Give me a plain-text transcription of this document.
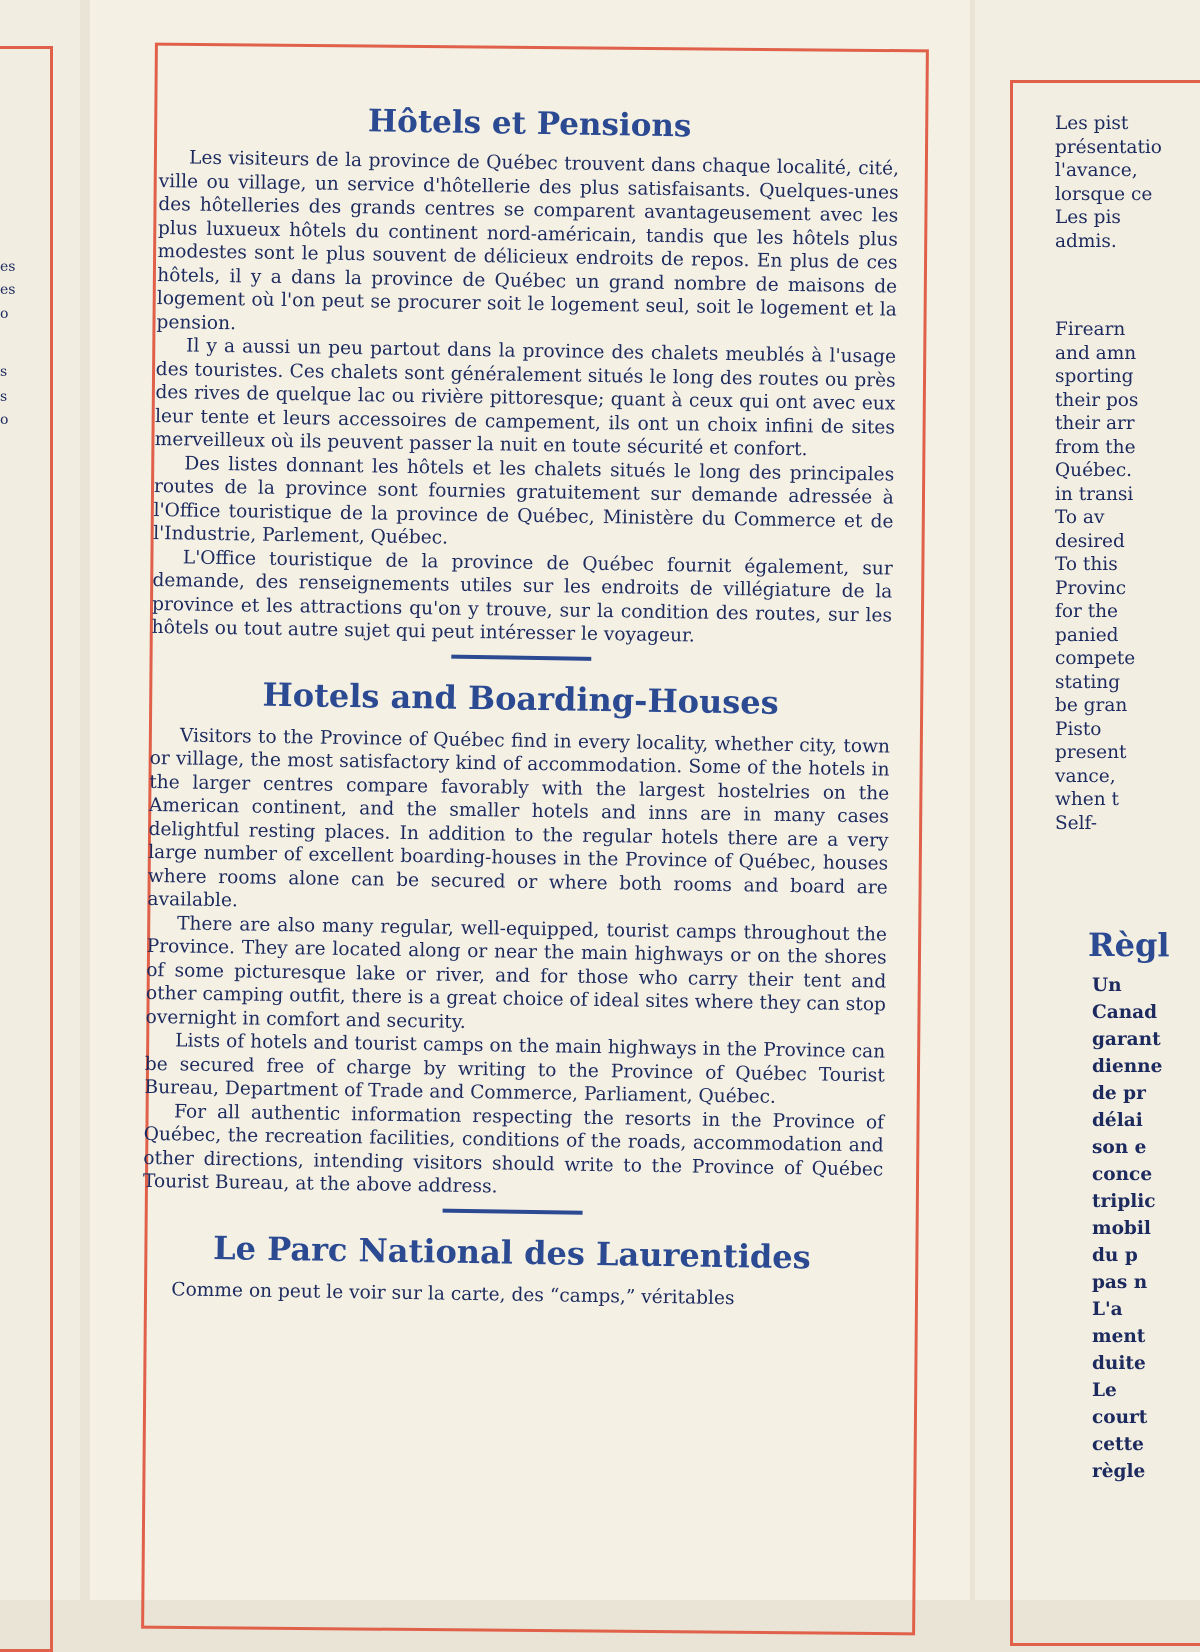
es
es
o
s
s
o
Hôtels et Pensions

Les visiteurs de la province de Québec trouvent dans chaque localité, cité, ville ou village, un service d'hôtellerie des plus satisfaisants. Quelques-unes des hôtelleries des grands centres se comparent avantageusement avec les plus luxueux hôtels du continent nord-américain, tandis que les hôtels plus modestes sont le plus souvent de délicieux endroits de repos. En plus de ces hôtels, il y a dans la province de Québec un grand nombre de maisons de logement où l'on peut se procurer soit le logement seul, soit le logement et la pension.

Il y a aussi un peu partout dans la province des chalets meublés à l'usage des touristes. Ces chalets sont généralement situés le long des routes ou près des rives de quelque lac ou rivière pittoresque; quant à ceux qui ont avec eux leur tente et leurs accessoires de campement, ils ont un choix infini de sites merveilleux où ils peuvent passer la nuit en toute sécurité et confort.

Des listes donnant les hôtels et les chalets situés le long des principales routes de la province sont fournies gratuitement sur demande adressée à l'Office touristique de la province de Québec, Ministère du Commerce et de l'Industrie, Parlement, Québec.

L'Office touristique de la province de Québec fournit également, sur demande, des renseignements utiles sur les endroits de villégiature de la province et les attractions qu'on y trouve, sur la condition des routes, sur les hôtels ou tout autre sujet qui peut intéresser le voyageur.

Hotels and Boarding-Houses

Visitors to the Province of Québec find in every locality, whether city, town or village, the most satisfactory kind of accommodation. Some of the hotels in the larger centres compare favorably with the largest hostelries on the American continent, and the smaller hotels and inns are in many cases delightful resting places. In addition to the regular hotels there are a very large number of excellent boarding-houses in the Province of Québec, houses where rooms alone can be secured or where both rooms and board are available.

There are also many regular, well-equipped, tourist camps throughout the Province. They are located along or near the main highways or on the shores of some picturesque lake or river, and for those who carry their tent and other camping outfit, there is a great choice of ideal sites where they can stop overnight in comfort and security.

Lists of hotels and tourist camps on the main highways in the Province can be secured free of charge by writing to the Province of Québec Tourist Bureau, Department of Trade and Commerce, Parliament, Québec.

For all authentic information respecting the resorts in the Province of Québec, the recreation facilities, conditions of the roads, accommodation and other directions, intending visitors should write to the Province of Québec Tourist Bureau, at the above address.

Le Parc National des Laurentides

Comme on peut le voir sur la carte, des “camps,” véritables

Les pist
présentatio
l'avance,
lorsque ce
Les pis
admis.
Firearn
and amn
sporting
their pos
their arr
from the
Québec.
in transi
To av
desired
To this
Provinc
for the
panied
compete
stating
be gran
Pisto
present
vance,
when t
Self-
Règl
Un
Canad
garant
dienne
de pr
délai
son e
conce
triplic
mobil
du p
pas n
L'a
ment
duite
Le
court
cette
règle
